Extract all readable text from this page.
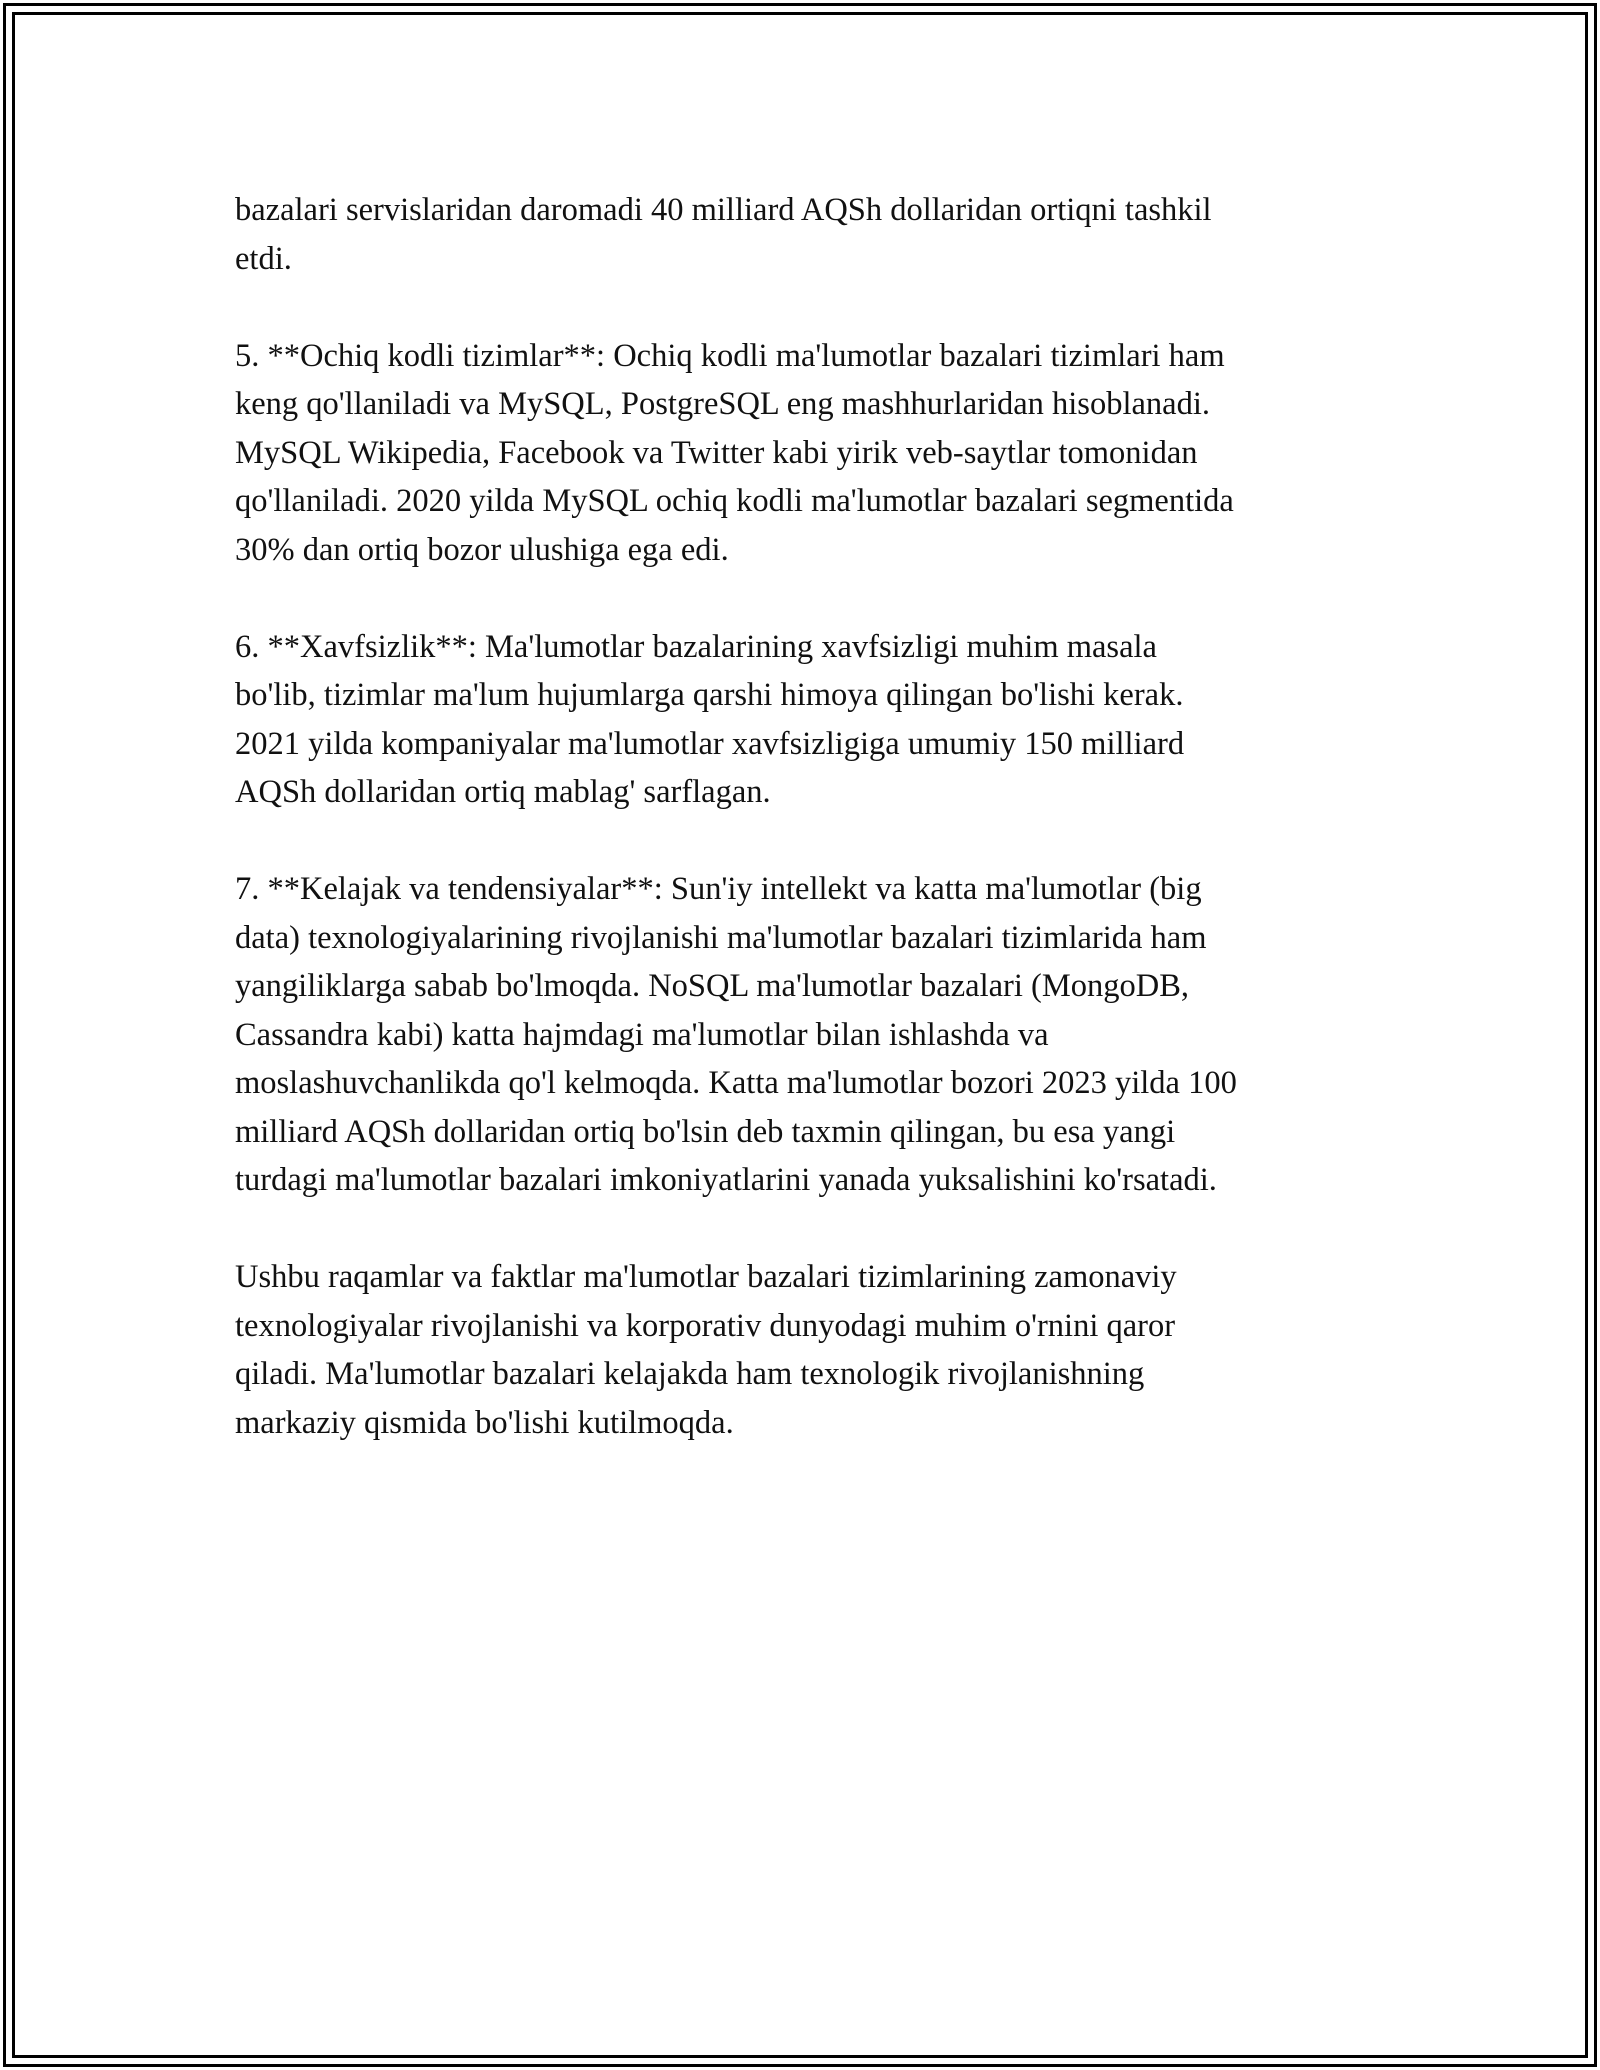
bazalari servislaridan daromadi 40 milliard AQSh dollaridan ortiqni tashkil
etdi.

5. **Ochiq kodli tizimlar**: Ochiq kodli ma'lumotlar bazalari tizimlari ham
keng qo'llaniladi va MySQL, PostgreSQL eng mashhurlaridan hisoblanadi.
MySQL Wikipedia, Facebook va Twitter kabi yirik veb-saytlar tomonidan
qo'llaniladi. 2020 yilda MySQL ochiq kodli ma'lumotlar bazalari segmentida
30% dan ortiq bozor ulushiga ega edi.

6. **Xavfsizlik**: Ma'lumotlar bazalarining xavfsizligi muhim masala
bo'lib, tizimlar ma'lum hujumlarga qarshi himoya qilingan bo'lishi kerak.
2021 yilda kompaniyalar ma'lumotlar xavfsizligiga umumiy 150 milliard
AQSh dollaridan ortiq mablag' sarflagan.

7. **Kelajak va tendensiyalar**: Sun'iy intellekt va katta ma'lumotlar (big
data) texnologiyalarining rivojlanishi ma'lumotlar bazalari tizimlarida ham
yangiliklarga sabab bo'lmoqda. NoSQL ma'lumotlar bazalari (MongoDB,
Cassandra kabi) katta hajmdagi ma'lumotlar bilan ishlashda va
moslashuvchanlikda qo'l kelmoqda. Katta ma'lumotlar bozori 2023 yilda 100
milliard AQSh dollaridan ortiq bo'lsin deb taxmin qilingan, bu esa yangi
turdagi ma'lumotlar bazalari imkoniyatlarini yanada yuksalishini ko'rsatadi.

Ushbu raqamlar va faktlar ma'lumotlar bazalari tizimlarining zamonaviy
texnologiyalar rivojlanishi va korporativ dunyodagi muhim o'rnini qaror
qiladi. Ma'lumotlar bazalari kelajakda ham texnologik rivojlanishning
markaziy qismida bo'lishi kutilmoqda.
